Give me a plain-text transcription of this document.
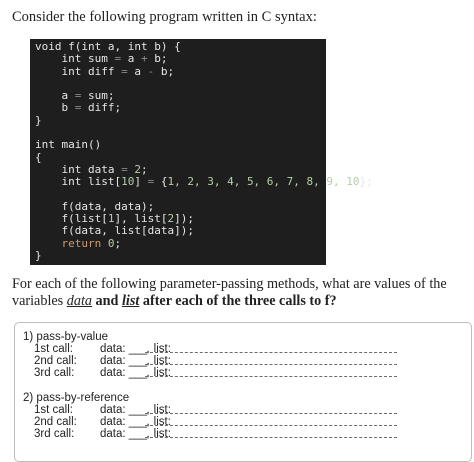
Consider the following program written in C syntax:
void f(int a, int b) {
int sum = a + b;
int diff = a - b;
a = sum;
b = diff;
}
int main()
{
int data = 2;
int list[10] = {1, 2, 3, 4, 5, 6, 7, 8, 9, 10};
f(data, data);
f(list[1], list[2]);
f(data, list[data]);
return 0;
}
For each of the following parameter-passing methods, what are values of the variables data and list after each of the three calls to f?
1) pass-by-value
1st call: data: ___, list:
2nd call: data: ___, list:
3rd call: data: ___, list:
2) pass-by-reference
1st call: data: ___, list:
2nd call: data: ___, list:
3rd call: data: ___, list:
